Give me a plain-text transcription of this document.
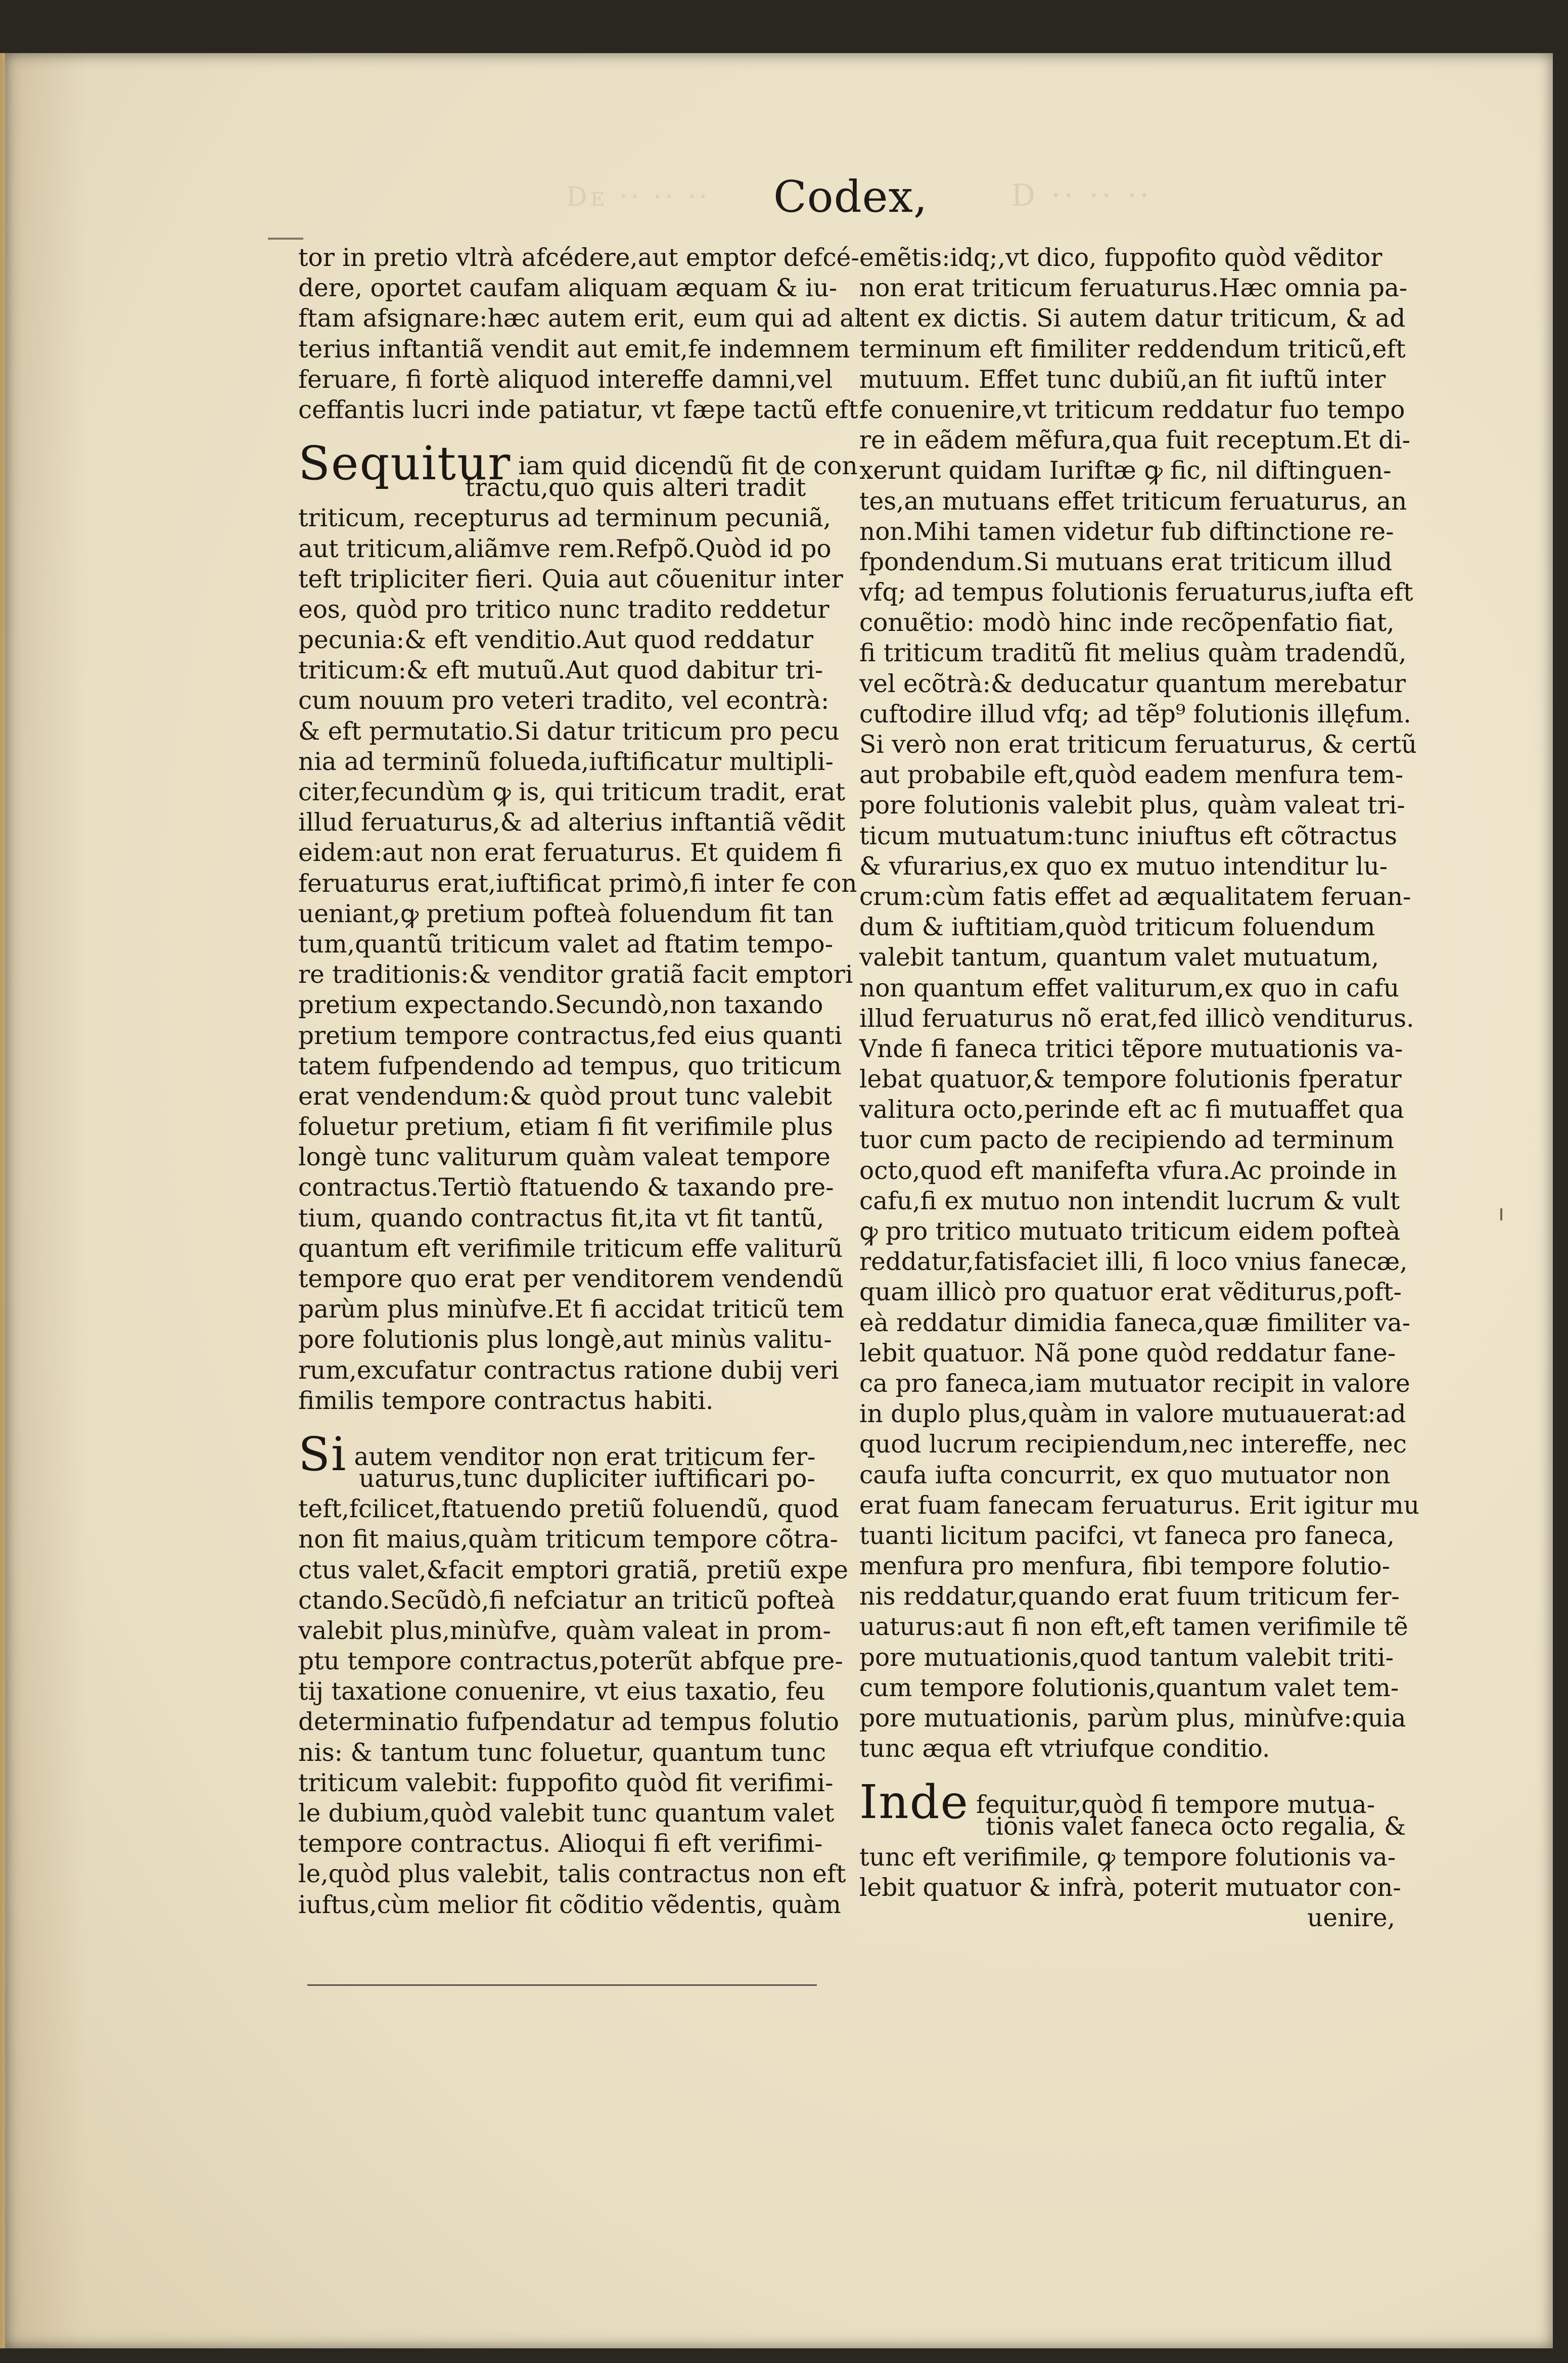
Dᴇ ·· ·· ··	D ·· ·· ··
Codex,
tor in pretio vltrà afcédere,aut emptor defcé-
dere, oportet caufam aliquam æquam & iu-
ftam afsignare:hæc autem erit, eum qui ad al
terius inftantiã vendit aut emit,fe indemnem
feruare, fi fortè aliquod intereffe damni,vel
ceffantis lucri inde patiatur, vt fæpe tactũ eft.
Sequitur iam quid dicendũ fit de con
tractu,quo quis alteri tradit
triticum, recepturus ad terminum pecuniã,
aut triticum,aliãmve rem.Refpõ.Quòd id po
teft tripliciter fieri. Quia aut cõuenitur inter
eos, quòd pro tritico nunc tradito reddetur
pecunia:& eft venditio.Aut quod reddatur
triticum:& eft mutuũ.Aut quod dabitur tri-
cum nouum pro veteri tradito, vel econtrà:
& eft permutatio.Si datur triticum pro pecu
nia ad terminũ folueda,iuftificatur multipli-
citer,fecundùm ꝙ is, qui triticum tradit, erat
illud feruaturus,& ad alterius inftantiã vẽdit
eidem:aut non erat feruaturus. Et quidem fi
feruaturus erat,iuftificat primò,fi inter fe con
ueniant,ꝙ pretium pofteà foluendum fit tan
tum,quantũ triticum valet ad ftatim tempo-
re traditionis:& venditor gratiã facit emptori
pretium expectando.Secundò,non taxando
pretium tempore contractus,fed eius quanti
tatem fufpendendo ad tempus, quo triticum
erat vendendum:& quòd prout tunc valebit
foluetur pretium, etiam fi fit verifimile plus
longè tunc valiturum quàm valeat tempore
contractus.Tertiò ftatuendo & taxando pre-
tium, quando contractus fit,ita vt fit tantũ,
quantum eft verifimile triticum effe valiturũ
tempore quo erat per venditorem vendendũ
parùm plus minùfve.Et fi accidat triticũ tem
pore folutionis plus longè,aut minùs valitu-
rum,excufatur contractus ratione dubij veri
fimilis tempore contractus habiti.
Si autem venditor non erat triticum fer-
uaturus,tunc dupliciter iuftificari po-
teft,fcilicet,ftatuendo pretiũ foluendũ, quod
non fit maius,quàm triticum tempore cõtra-
ctus valet,&facit emptori gratiã, pretiũ expe
ctando.Secũdò,fi nefciatur an triticũ pofteà
valebit plus,minùfve, quàm valeat in prom-
ptu tempore contractus,poterũt abfque pre-
tij taxatione conuenire, vt eius taxatio, feu
determinatio fufpendatur ad tempus folutio
nis: & tantum tunc foluetur, quantum tunc
triticum valebit: fuppofito quòd fit verifimi-
le dubium,quòd valebit tunc quantum valet
tempore contractus. Alioqui fi eft verifimi-
le,quòd plus valebit, talis contractus non eft
iuftus,cùm melior fit cõditio vẽdentis, quàm
emẽtis:idq;,vt dico, fuppofito quòd vẽditor
non erat triticum feruaturus.Hæc omnia pa-
tent ex dictis. Si autem datur triticum, & ad
terminum eft fimiliter reddendum triticũ,eft
mutuum. Effet tunc dubiũ,an fit iuftũ inter
fe conuenire,vt triticum reddatur fuo tempo
re in eãdem mẽfura,qua fuit receptum.Et di-
xerunt quidam Iuriftæ ꝙ fic, nil diftinguen-
tes,an mutuans effet triticum feruaturus, an
non.Mihi tamen videtur fub diftinctione re-
fpondendum.Si mutuans erat triticum illud
vfq; ad tempus folutionis feruaturus,iufta eft
conuẽtio: modò hinc inde recõpenfatio fiat,
fi triticum traditũ fit melius quàm tradendũ,
vel ecõtrà:& deducatur quantum merebatur
cuftodire illud vfq; ad tẽp⁹ folutionis illęfum.
Si verò non erat triticum feruaturus, & certũ
aut probabile eft,quòd eadem menfura tem-
pore folutionis valebit plus, quàm valeat tri-
ticum mutuatum:tunc iniuftus eft cõtractus
& vfurarius,ex quo ex mutuo intenditur lu-
crum:cùm fatis effet ad æqualitatem feruan-
dum & iuftitiam,quòd triticum foluendum
valebit tantum, quantum valet mutuatum,
non quantum effet valiturum,ex quo in cafu
illud feruaturus nõ erat,fed illicò venditurus.
Vnde fi faneca tritici tẽpore mutuationis va-
lebat quatuor,& tempore folutionis fperatur
valitura octo,perinde eft ac fi mutuaffet qua
tuor cum pacto de recipiendo ad terminum
octo,quod eft manifefta vfura.Ac proinde in
cafu,fi ex mutuo non intendit lucrum & vult
ꝙ pro tritico mutuato triticum eidem pofteà
reddatur,fatisfaciet illi, fi loco vnius fanecæ,
quam illicò pro quatuor erat vẽditurus,poft-
eà reddatur dimidia faneca,quæ fimiliter va-
lebit quatuor. Nã pone quòd reddatur fane-
ca pro faneca,iam mutuator recipit in valore
in duplo plus,quàm in valore mutuauerat:ad
quod lucrum recipiendum,nec intereffe, nec
caufa iufta concurrit, ex quo mutuator non
erat fuam fanecam feruaturus. Erit igitur mu
tuanti licitum pacifci, vt faneca pro faneca,
menfura pro menfura, fibi tempore folutio-
nis reddatur,quando erat fuum triticum fer-
uaturus:aut fi non eft,eft tamen verifimile tẽ
pore mutuationis,quod tantum valebit triti-
cum tempore folutionis,quantum valet tem-
pore mutuationis, parùm plus, minùfve:quia
tunc æqua eft vtriufque conditio.
Inde fequitur,quòd fi tempore mutua-
tionis valet faneca octo regalia, &
tunc eft verifimile, ꝙ tempore folutionis va-
lebit quatuor & infrà, poterit mutuator con-
uenire,
